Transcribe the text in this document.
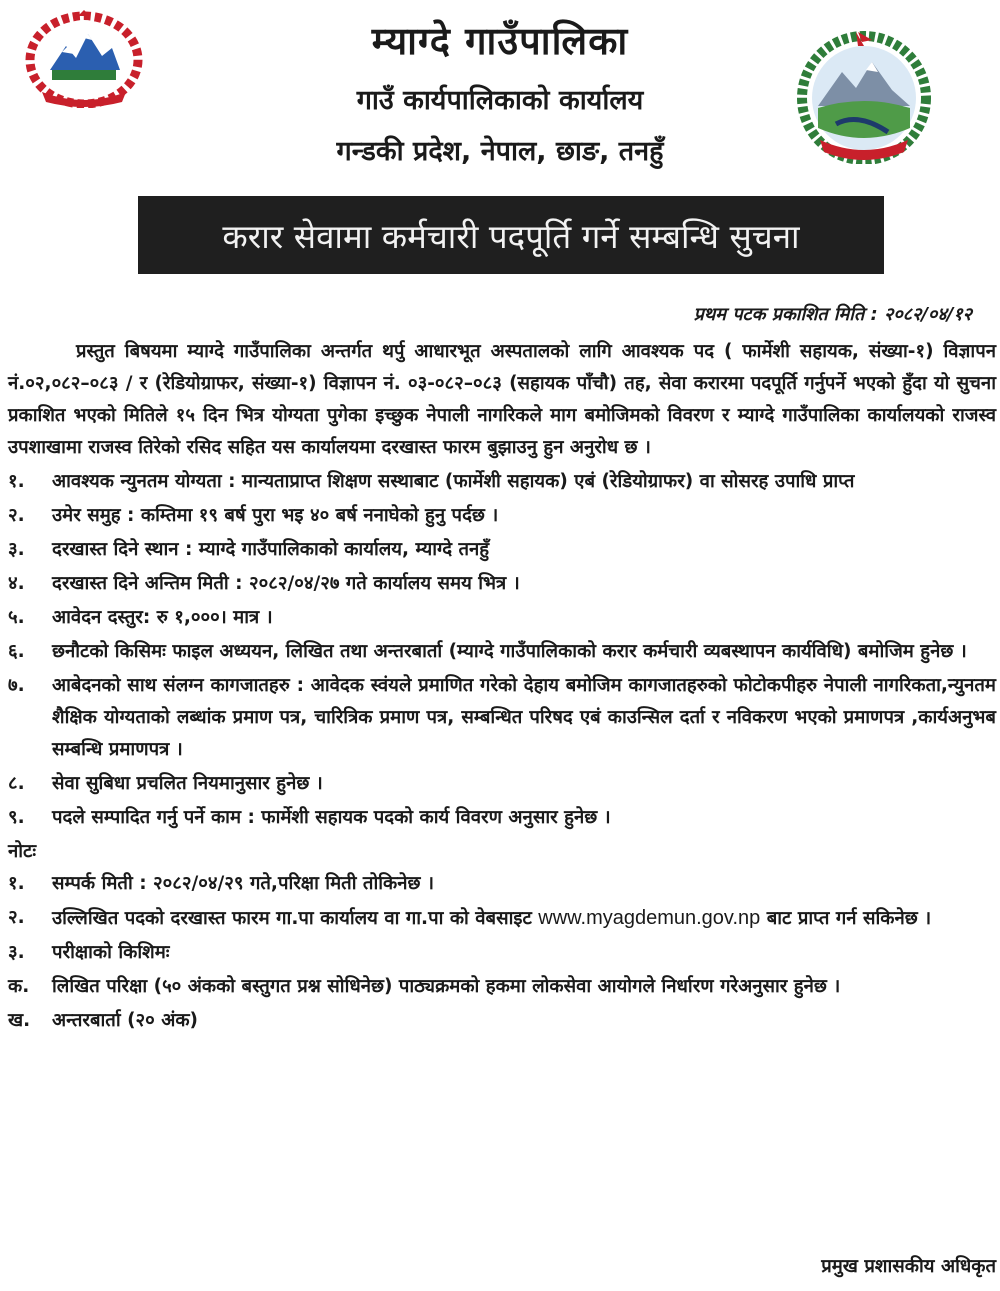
म्याग्दे गाउँपालिका
गाउँ कार्यपालिकाको कार्यालय
गन्डकी प्रदेश, नेपाल, छाङ, तनहुँ
करार सेवामा कर्मचारी पदपूर्ति गर्ने सम्बन्धि सुचना
प्रथम पटक प्रकाशित मिति : २०८२/०४/१२

प्रस्तुत बिषयमा म्याग्दे गाउँपालिका अन्तर्गत थर्पु आधारभूत अस्पतालको लागि आवश्यक पद ( फार्मेशी सहायक, संख्या-१) विज्ञापन नं.०२,०८२–०८३ / र (रेडियोग्राफर, संख्या-१) विज्ञापन नं. ०३-०८२–०८३ (सहायक पाँचौ) तह, सेवा करारमा पदपूर्ति गर्नुपर्ने भएको हुँदा यो सुचना प्रकाशित भएको मितिले १५ दिन भित्र योग्यता पुगेका इच्छुक नेपाली नागरिकले माग बमोजिमको विवरण र म्याग्दे गाउँपालिका कार्यालयको राजस्व उपशाखामा राजस्व तिरेको रसिद सहित यस कार्यालयमा दरखास्त फारम बुझाउनु हुन अनुरोध छ ।

१.	आवश्यक न्युनतम योग्यता : मान्यताप्राप्त शिक्षण सस्थाबाट (फार्मेशी सहायक) एबं (रेडियोग्राफर) वा सोसरह उपाधि प्राप्त
२.	उमेर समुह : कम्तिमा १९ बर्ष पुरा भइ ४० बर्ष ननाघेको हुनु पर्दछ ।
३.	दरखास्त दिने स्थान : म्याग्दे गाउँपालिकाको कार्यालय, म्याग्दे तनहुँ
४.	दरखास्त दिने अन्तिम मिती : २०८२/०४/२७ गते कार्यालय समय भित्र ।
५.	आवेदन दस्तुर: रु १,०००। मात्र ।
६.	छनौटको किसिमः फाइल अध्ययन, लिखित तथा अन्तरबार्ता (म्याग्दे गाउँपालिकाको करार कर्मचारी व्यबस्थापन कार्यविधि) बमोजिम हुनेछ ।
७.	आबेदनको साथ संलग्न कागजातहरु : आवेदक स्वंयले प्रमाणित गरेको देहाय बमोजिम कागजातहरुको फोटोकपीहरु नेपाली नागरिकता,न्युनतम शैक्षिक योग्यताको लब्धांक प्रमाण पत्र, चारित्रिक प्रमाण पत्र, सम्बन्धित परिषद एबं काउन्सिल दर्ता र नविकरण भएको प्रमाणपत्र ,कार्यअनुभब सम्बन्धि प्रमाणपत्र ।
८.	सेवा सुबिधा प्रचलित नियमानुसार हुनेछ ।
९.	पदले सम्पादित गर्नु पर्ने काम : फार्मेशी सहायक पदको कार्य विवरण अनुसार हुनेछ ।

नोटः

१.	सम्पर्क मिती : २०८२/०४/२९ गते,परिक्षा मिती तोकिनेछ ।
२.	उल्लिखित पदको दरखास्त फारम गा.पा कार्यालय वा गा.पा को वेबसाइट www.myagdemun.gov.np बाट प्राप्त गर्न सकिनेछ ।
३.	परीक्षाको किशिमः
क.	लिखित परिक्षा (५० अंकको बस्तुगत प्रश्न सोधिनेछ) पाठ्यक्रमको हकमा लोकसेवा आयोगले निर्धारण गरेअनुसार हुनेछ ।
ख.	अन्तरबार्ता (२० अंक)
प्रमुख प्रशासकीय अधिकृत
